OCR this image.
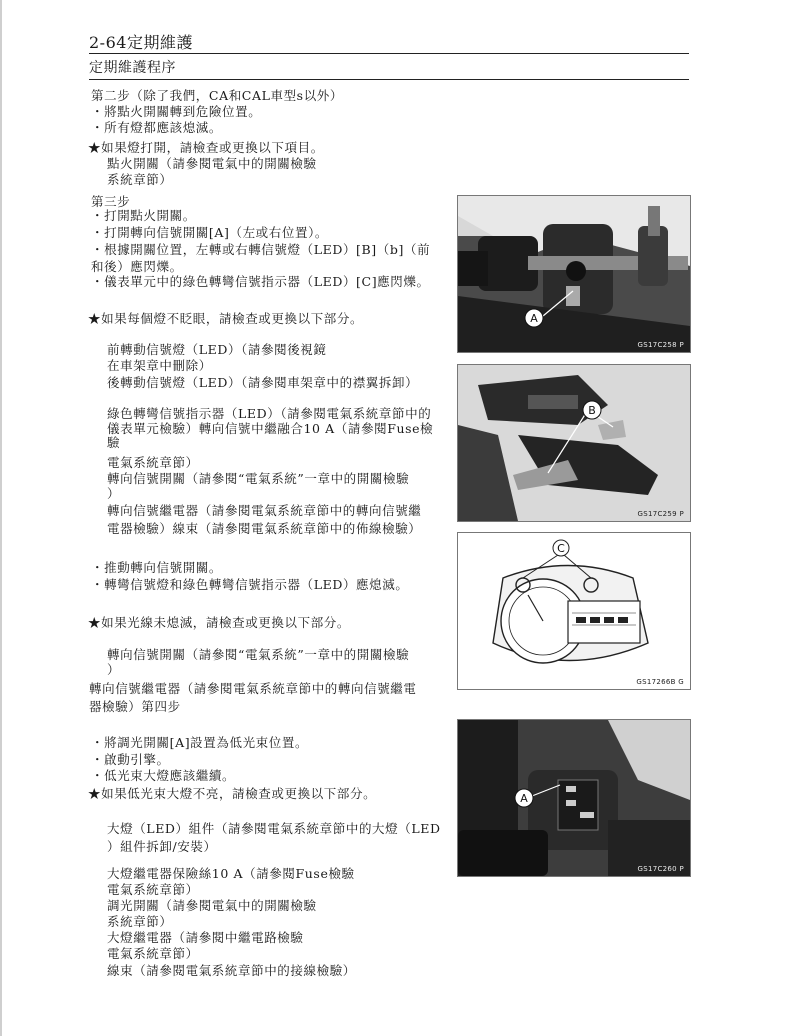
2-64定期維護
定期維護程序
第二步（除了我們，CA和CAL車型s以外）
・將點火開關轉到危險位置。
・所有燈都應該熄滅。
★如果燈打開，請檢查或更換以下項目。
點火開關（請參閱電氣中的開關檢驗
系統章節）
第三步
・打開點火開關。
・打開轉向信號開關[A]（左或右位置）。
・根據開關位置，左轉或右轉信號燈（LED）[B]（b]（前
和後）應閃爍。
・儀表單元中的綠色轉彎信號指示器（LED）[C]應閃爍。
★如果每個燈不眨眼，請檢查或更換以下部分。
前轉動信號燈（LED）（請參閱後視鏡
在車架章中刪除）
後轉動信號燈（LED）（請參閱車架章中的襟翼拆卸）
綠色轉彎信號指示器（LED）（請參閱電氣系統章節中的
儀表單元檢驗）轉向信號中繼融合10 A（請參閱Fuse檢
驗
電氣系統章節）
轉向信號開關（請參閱“電氣系統”一章中的開關檢驗
）
轉向信號繼電器（請參閱電氣系統章節中的轉向信號繼
電器檢驗）線束（請參閱電氣系統章節中的佈線檢驗）
・推動轉向信號開關。
・轉彎信號燈和綠色轉彎信號指示器（LED）應熄滅。
★如果光線未熄滅，請檢查或更換以下部分。
轉向信號開關（請參閱“電氣系統”一章中的開關檢驗
）
轉向信號繼電器（請參閱電氣系統章節中的轉向信號繼電
器檢驗）第四步
・將調光開關[A]設置為低光束位置。
・啟動引擎。
・低光束大燈應該繼續。
★如果低光束大燈不亮，請檢查或更換以下部分。
大燈（LED）組件（請參閱電氣系統章節中的大燈（LED
）組件拆卸/安裝）
大燈繼電器保險絲10 A（請參閱Fuse檢驗
電氣系統章節）
調光開關（請參閱電氣中的開關檢驗
系統章節）
大燈繼電器（請參閱中繼電路檢驗
電氣系統章節）
線束（請參閱電氣系統章節中的接線檢驗）
A
GS17C258 P
B
GS17C259 P
C
GS17266B G
A
GS17C260 P
